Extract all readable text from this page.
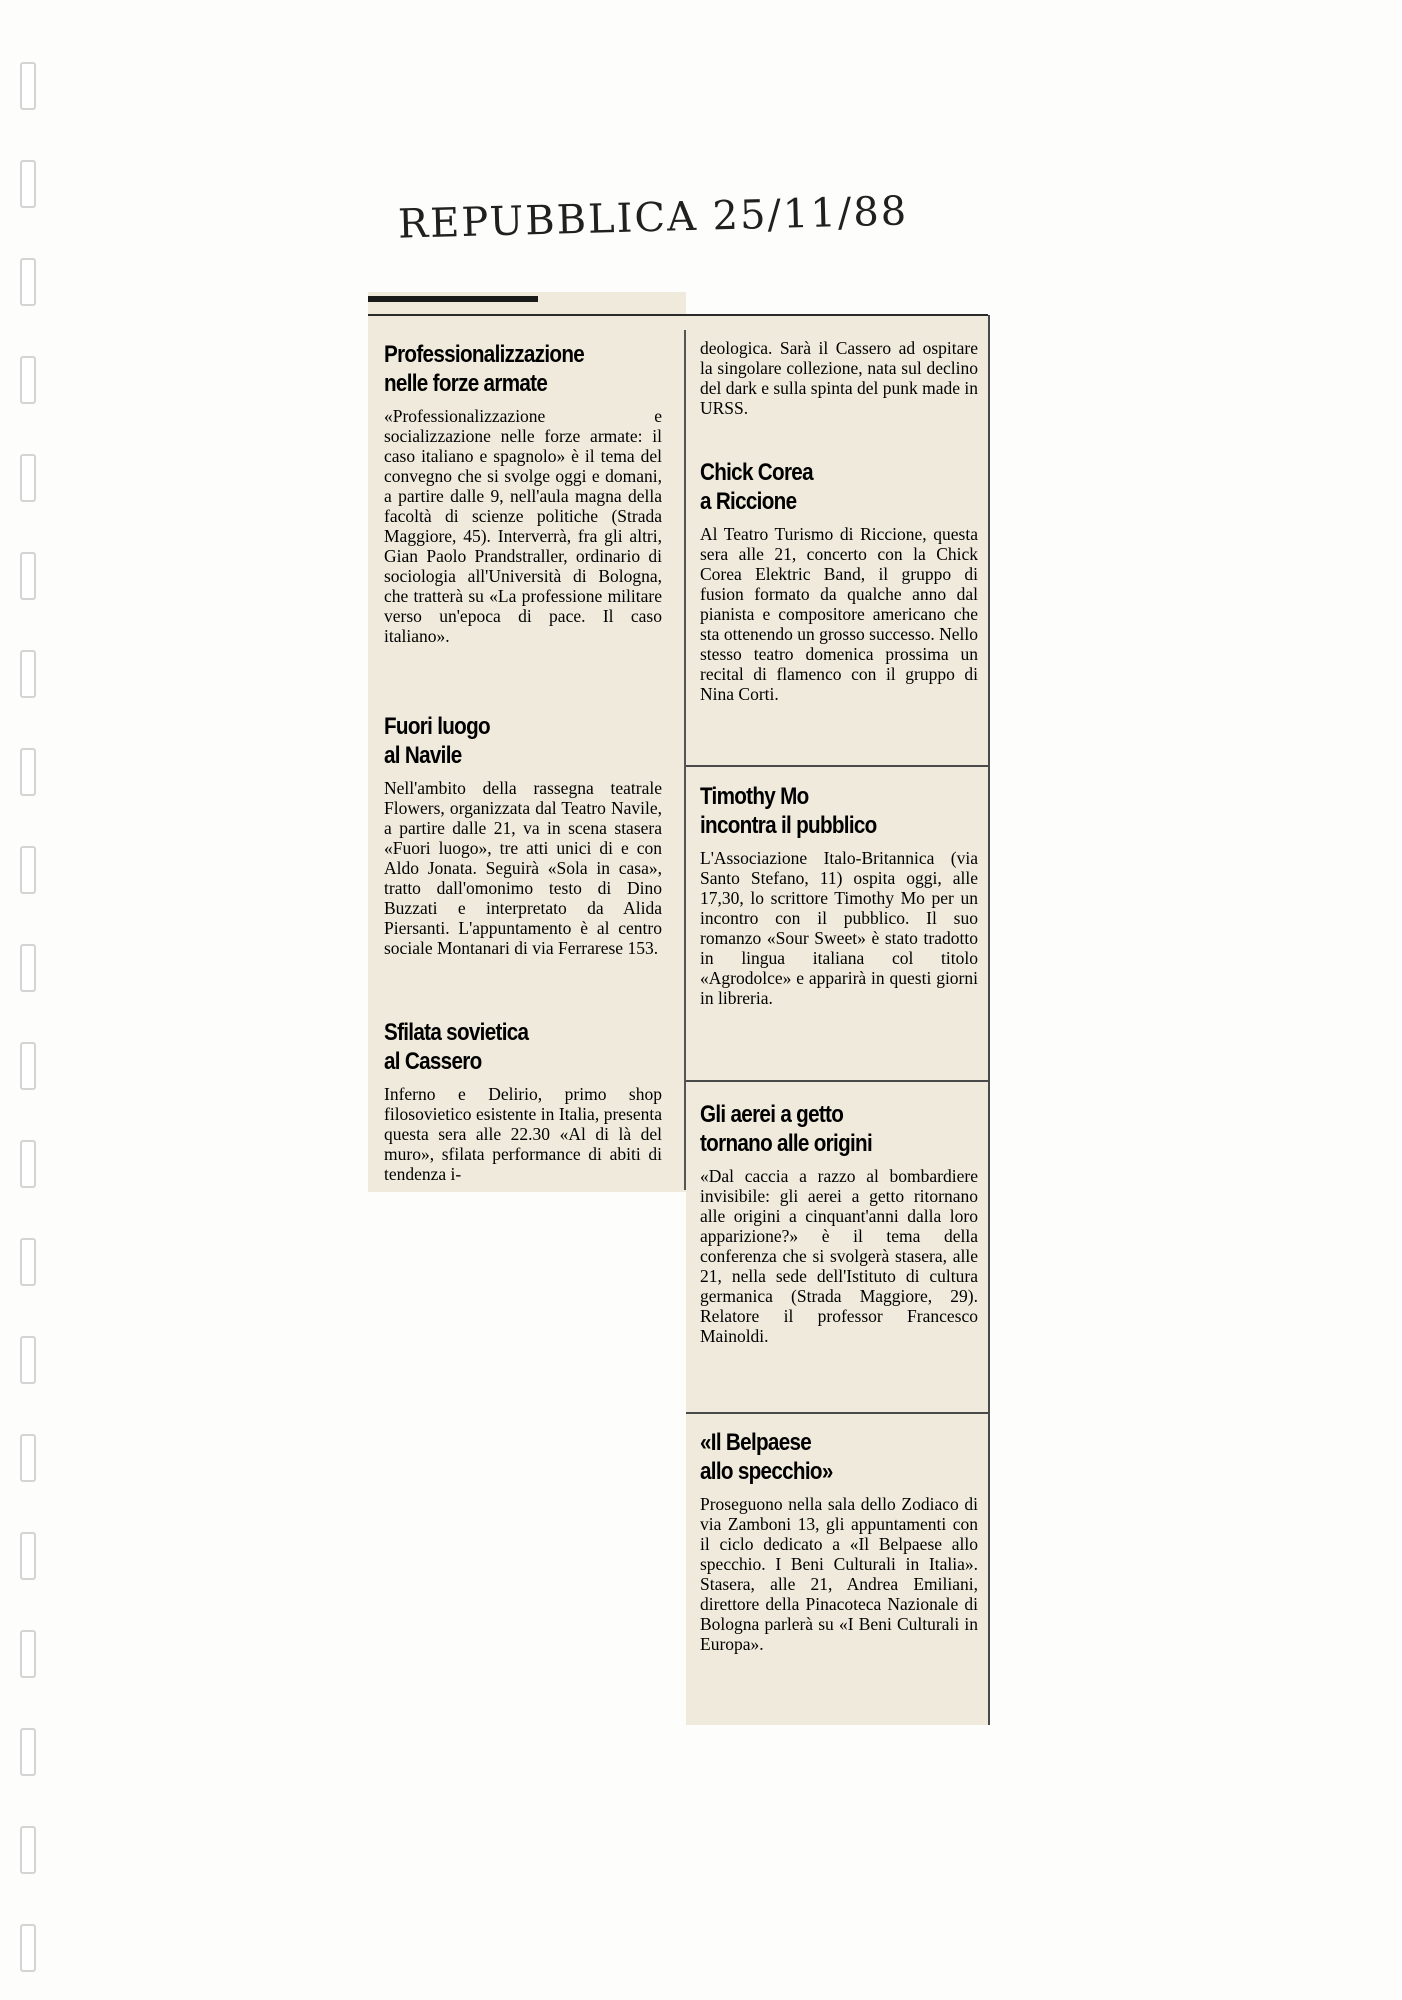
REPUBBLICA 25/11/88
Professionalizzazione
nelle forze armate

«Professionalizzazione e socializzazione nelle forze armate: il caso italiano e spagnolo» è il tema del convegno che si svolge oggi e domani, a partire dalle 9, nell'aula magna della facoltà di scienze politiche (Strada Maggiore, 45). Interverrà, fra gli altri, Gian Paolo Prandstraller, ordinario di sociologia all'Università di Bologna, che tratterà su «La professione militare verso un'epoca di pace. Il caso italiano».

Fuori luogo
al Navile

Nell'ambito della rassegna teatrale Flowers, organizzata dal Teatro Navile, a partire dalle 21, va in scena stasera «Fuori luogo», tre atti unici di e con Aldo Jonata. Seguirà «Sola in casa», tratto dall'omonimo testo di Dino Buzzati e interpretato da Alida Piersanti. L'appuntamento è al centro sociale Montanari di via Ferrarese 153.

Sfilata sovietica
al Cassero

Inferno e Delirio, primo shop filosovietico esistente in Italia, presenta questa sera alle 22.30 «Al di là del muro», sfilata performance di abiti di tendenza i-

deologica. Sarà il Cassero ad ospitare la singolare collezione, nata sul declino del dark e sulla spinta del punk made in URSS.

Chick Corea
a Riccione

Al Teatro Turismo di Riccione, questa sera alle 21, concerto con la Chick Corea Elektric Band, il gruppo di fusion formato da qualche anno dal pianista e compositore americano che sta ottenendo un grosso successo. Nello stesso teatro domenica prossima un recital di flamenco con il gruppo di Nina Corti.

Timothy Mo
incontra il pubblico

L'Associazione Italo-Britannica (via Santo Stefano, 11) ospita oggi, alle 17,30, lo scrittore Timothy Mo per un incontro con il pubblico. Il suo romanzo «Sour Sweet» è stato tradotto in lingua italiana col titolo «Agrodolce» e apparirà in questi giorni in libreria.

Gli aerei a getto
tornano alle origini

«Dal caccia a razzo al bombardiere invisibile: gli aerei a getto ritornano alle origini a cinquant'anni dalla loro apparizione?» è il tema della conferenza che si svolgerà stasera, alle 21, nella sede dell'Istituto di cultura germanica (Strada Maggiore, 29). Relatore il professor Francesco Mainoldi.

«Il Belpaese
allo specchio»

Proseguono nella sala dello Zodiaco di via Zamboni 13, gli appuntamenti con il ciclo dedicato a «Il Belpaese allo specchio. I Beni Culturali in Italia». Stasera, alle 21, Andrea Emiliani, direttore della Pinacoteca Nazionale di Bologna parlerà su «I Beni Culturali in Europa».
